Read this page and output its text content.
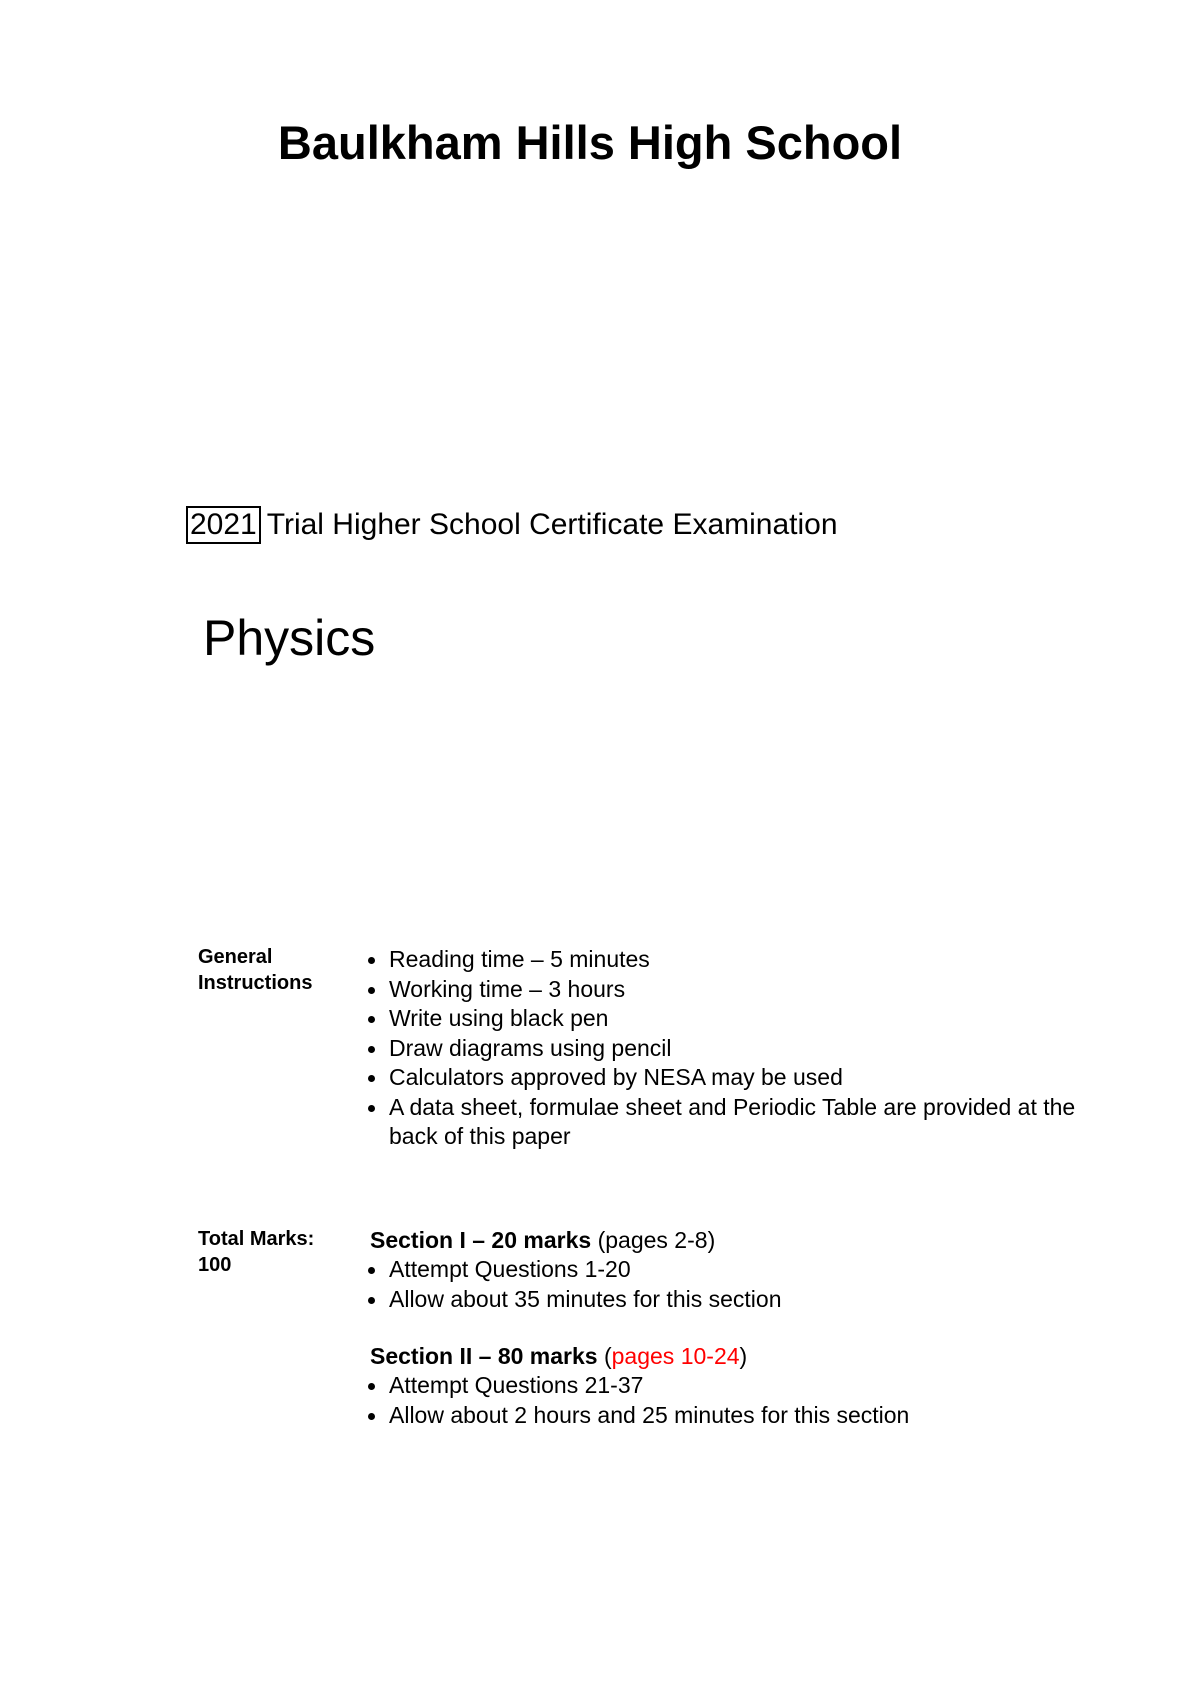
Baulkham Hills High School
2021 Trial Higher School Certificate Examination
Physics
General
Instructions
Reading time – 5 minutes
Working time – 3 hours
Write using black pen
Draw diagrams using pencil
Calculators approved by NESA may be used
A data sheet, formulae sheet and Periodic Table are provided at the back of this paper
Total Marks:
100
Section I – 20 marks (pages 2-8)
Attempt Questions 1-20
Allow about 35 minutes for this section
Section II – 80 marks (pages 10-24)
Attempt Questions 21-37
Allow about 2 hours and 25 minutes for this section
